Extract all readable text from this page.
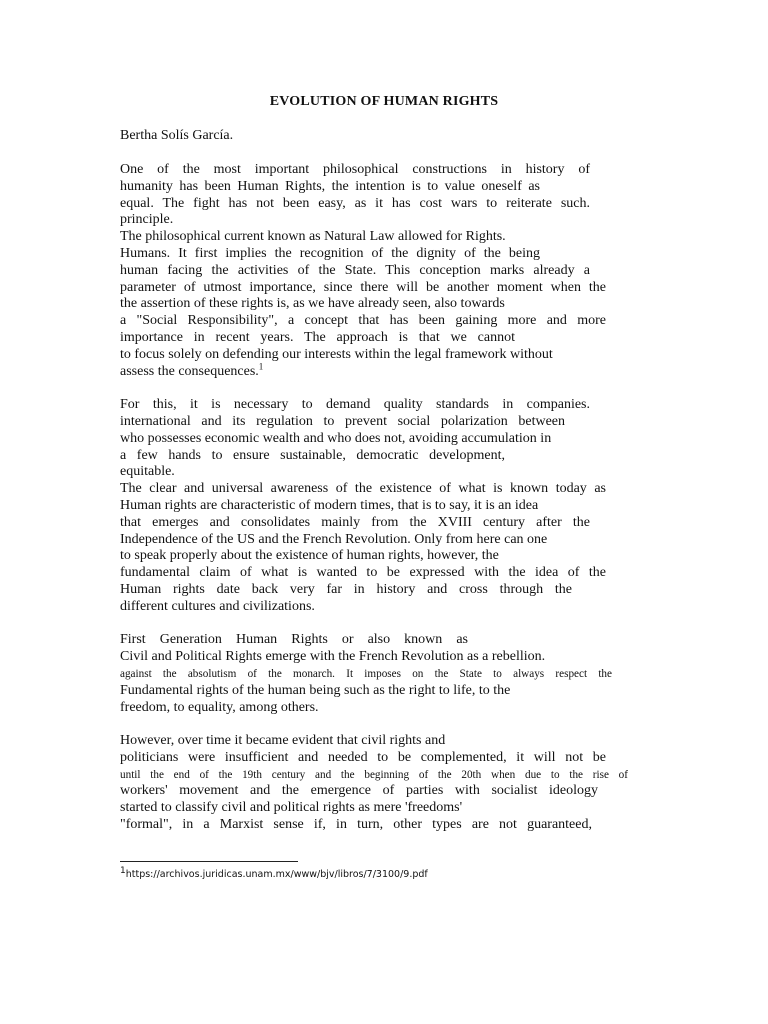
EVOLUTION OF HUMAN RIGHTS
Bertha Solís García.
One of the most important philosophical constructions in history of
humanity has been Human Rights, the intention is to value oneself as
equal. The fight has not been easy, as it has cost wars to reiterate such.
principle.
The philosophical current known as Natural Law allowed for Rights.
Humans. It first implies the recognition of the dignity of the being
human facing the activities of the State. This conception marks already a
parameter of utmost importance, since there will be another moment when the
the assertion of these rights is, as we have already seen, also towards
a "Social Responsibility", a concept that has been gaining more and more
importance in recent years. The approach is that we cannot
to focus solely on defending our interests within the legal framework without
assess the consequences.$^1$
For this, it is necessary to demand quality standards in companies.
international and its regulation to prevent social polarization between
who possesses economic wealth and who does not, avoiding accumulation in
a few hands to ensure sustainable, democratic development,
equitable.
The clear and universal awareness of the existence of what is known today as
Human rights are characteristic of modern times, that is to say, it is an idea
that emerges and consolidates mainly from the XVIII century after the
Independence of the US and the French Revolution. Only from here can one
to speak properly about the existence of human rights, however, the
fundamental claim of what is wanted to be expressed with the idea of the
Human rights date back very far in history and cross through the
different cultures and civilizations.
First Generation Human Rights or also known as
Civil and Political Rights emerge with the French Revolution as a rebellion.
against the absolutism of the monarch. It imposes on the State to always respect the
Fundamental rights of the human being such as the right to life, to the
freedom, to equality, among others.
However, over time it became evident that civil rights and
politicians were insufficient and needed to be complemented, it will not be
until the end of the 19th century and the beginning of the 20th when due to the rise of
workers' movement and the emergence of parties with socialist ideology
started to classify civil and political rights as mere 'freedoms'
"formal", in a Marxist sense if, in turn, other types are not guaranteed,
$^1$https://archivos.juridicas.unam.mx/www/bjv/libros/7/3100/9.pdf
